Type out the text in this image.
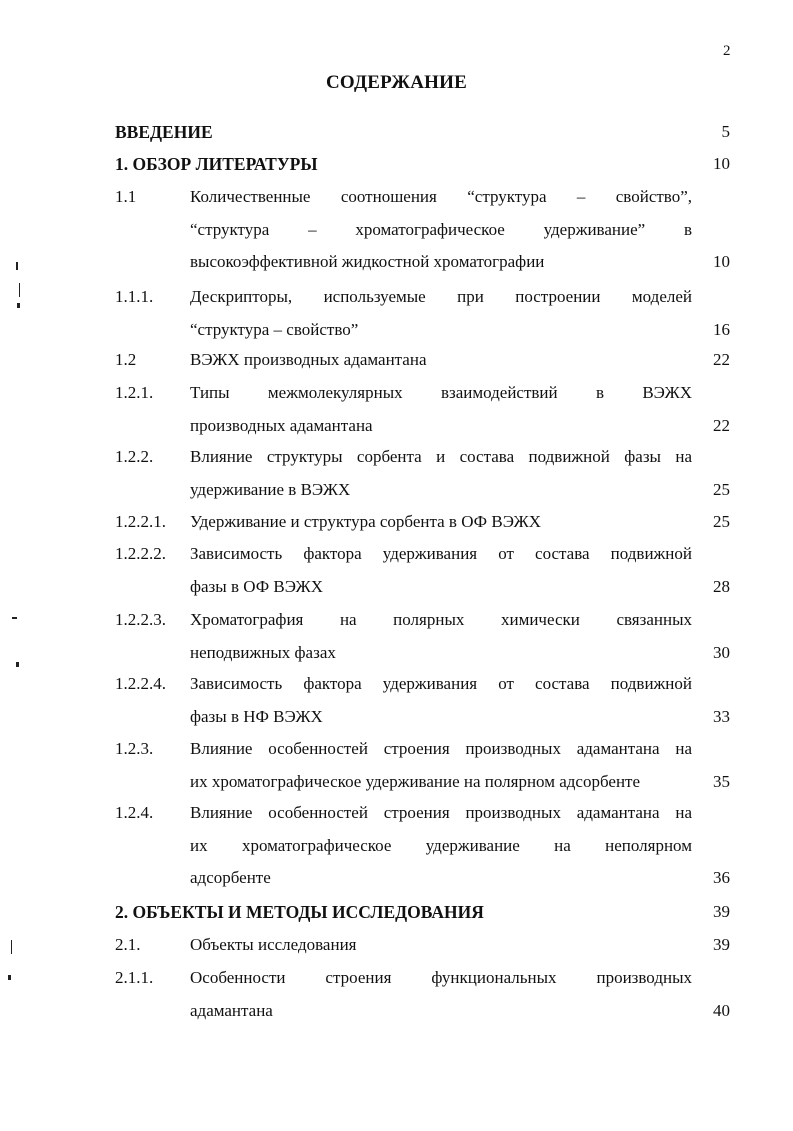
2
СОДЕРЖАНИЕ
ВВЕДЕНИЕ	5
1. ОБЗОР ЛИТЕРАТУРЫ	10
1.1	Количественные соотношения “структура – свойство”,
“структура – хроматографическое удерживание” в
высокоэффективной жидкостной хроматографии	10
1.1.1. Дескрипторы, используемые при построении моделей
“структура – свойство”	16
1.2	ВЭЖХ производных адамантана	22
1.2.1. Типы межмолекулярных взаимодействий в ВЭЖХ
производных адамантана	22
1.2.2. Влияние структуры сорбента и состава подвижной фазы на
удерживание в ВЭЖХ	25
1.2.2.1. Удерживание и структура сорбента в ОФ ВЭЖХ	25
1.2.2.2. Зависимость фактора удерживания от состава подвижной
фазы в ОФ ВЭЖХ	28
1.2.2.3. Хроматография на полярных химически связанных
неподвижных фазах	30
1.2.2.4. Зависимость фактора удерживания от состава подвижной
фазы в НФ ВЭЖХ	33
1.2.3. Влияние особенностей строения производных адамантана на
их хроматографическое удерживание на полярном адсорбенте	35
1.2.4. Влияние особенностей строения производных адамантана на
их хроматографическое удерживание на неполярном
адсорбенте	36
2. ОБЪЕКТЫ И МЕТОДЫ ИССЛЕДОВАНИЯ	39
2.1.	Объекты исследования	39
2.1.1. Особенности строения функциональных производных
адамантана	40
